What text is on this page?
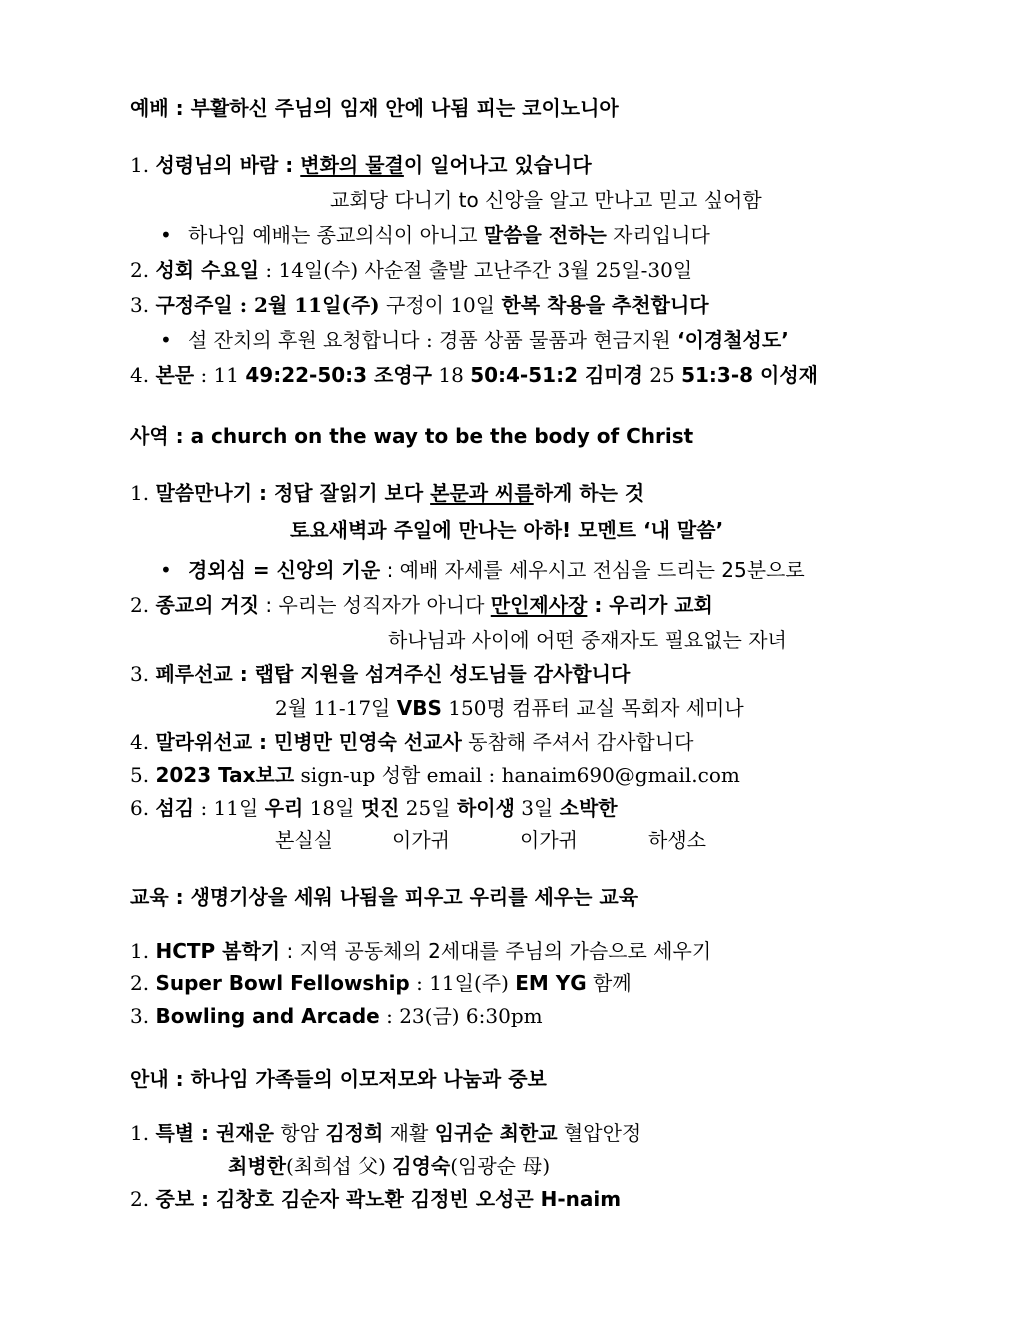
예배 : 부활하신 주님의 임재 안에 나됨 피는 코이노니아
1. 성령님의 바람 : 변화의 물결이 일어나고 있습니다
교회당 다니기 to 신앙을 알고 만나고 믿고 싶어함
• 하나임 예배는 종교의식이 아니고 말씀을 전하는 자리입니다
2. 성회 수요일 : 14일(수) 사순절 출발 고난주간 3월 25일-30일
3. 구정주일 : 2월 11일(주) 구정이 10일 한복 착용을 추천합니다
• 설 잔치의 후원 요청합니다 : 경품 상품 물품과 현금지원 ‘이경철성도’
4. 본문 : 11 49:22-50:3 조영구 18 50:4-51:2 김미경 25 51:3-8 이성재
사역 : a church on the way to be the body of Christ
1. 말씀만나기 : 정답 잘읽기 보다 본문과 씨름하게 하는 것
토요새벽과 주일에 만나는 아하! 모멘트 ‘내 말씀’
• 경외심 = 신앙의 기운 : 예배 자세를 세우시고 전심을 드리는 25분으로
2. 종교의 거짓 : 우리는 성직자가 아니다 만인제사장 : 우리가 교회
하나님과 사이에 어떤 중재자도 필요없는 자녀
3. 페루선교 : 랩탑 지원을 섬겨주신 성도님들 감사합니다
2월 11-17일 VBS 150명 컴퓨터 교실 목회자 세미나
4. 말라위선교 : 민병만 민영숙 선교사 동참해 주셔서 감사합니다
5. 2023 Tax보고 sign-up 성함 email : hanaim690@gmail.com
6. 섬김 : 11일 우리 18일 멋진 25일 하이생 3일 소박한
본실실	이가귀	이가귀	하생소
교육 : 생명기상을 세워 나됨을 피우고 우리를 세우는 교육
1. HCTP 봄학기 : 지역 공동체의 2세대를 주님의 가슴으로 세우기
2. Super Bowl Fellowship : 11일(주) EM YG 함께
3. Bowling and Arcade : 23(금) 6:30pm
안내 : 하나임 가족들의 이모저모와 나눔과 중보
1. 특별 : 권재운 항암 김정희 재활 임귀순 최한교 혈압안정
최병한(최희섭 父) 김영숙(임광순 母)
2. 중보 : 김창호 김순자 곽노환 김정빈 오성곤 H-naim
